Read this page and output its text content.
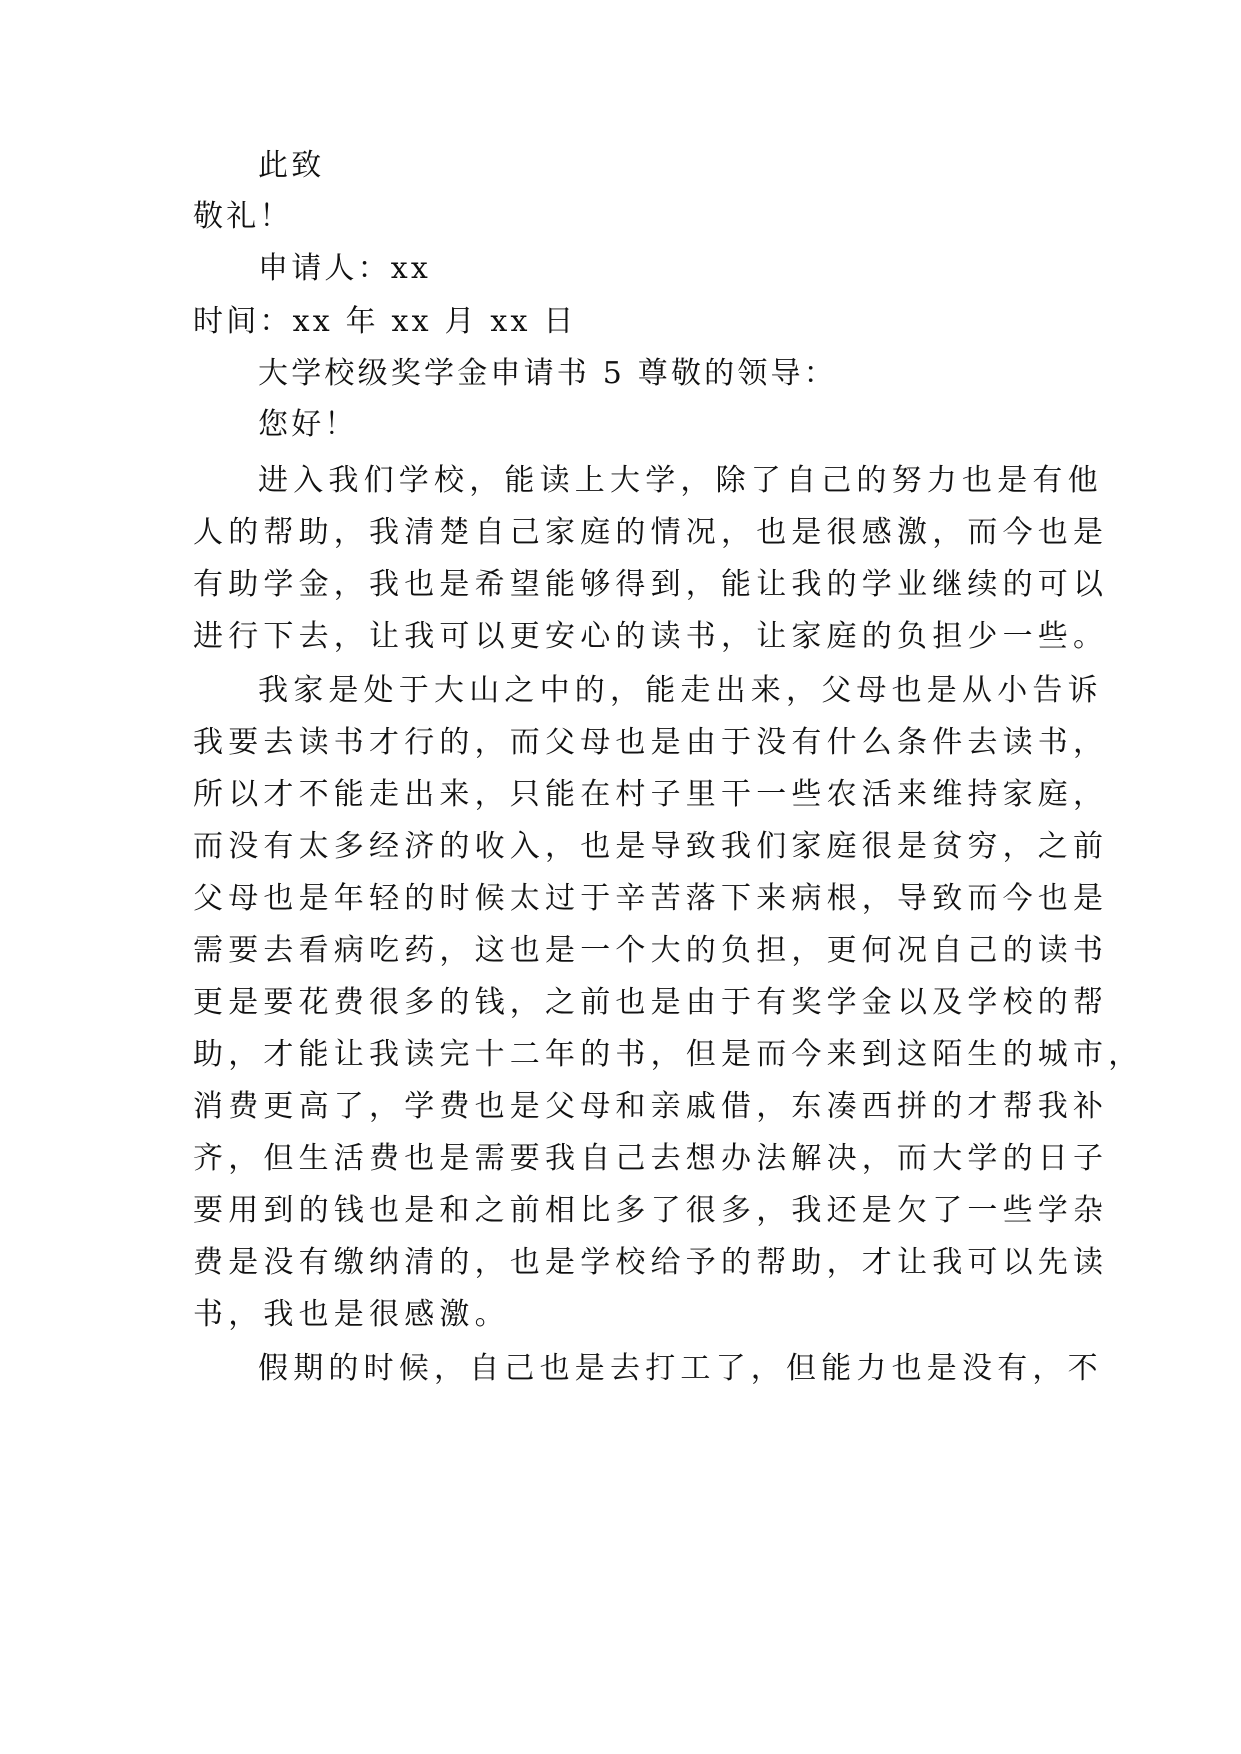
此致
敬礼！
申请人：xx
时间：xx 年 xx 月 xx 日
大学校级奖学金申请书 5 尊敬的领导：
您好！
进入我们学校，能读上大学，除了自己的努力也是有他
人的帮助，我清楚自己家庭的情况，也是很感激，而今也是
有助学金，我也是希望能够得到，能让我的学业继续的可以
进行下去，让我可以更安心的读书，让家庭的负担少一些。
我家是处于大山之中的，能走出来，父母也是从小告诉
我要去读书才行的，而父母也是由于没有什么条件去读书，
所以才不能走出来，只能在村子里干一些农活来维持家庭，
而没有太多经济的收入，也是导致我们家庭很是贫穷，之前
父母也是年轻的时候太过于辛苦落下来病根，导致而今也是
需要去看病吃药，这也是一个大的负担，更何况自己的读书
更是要花费很多的钱，之前也是由于有奖学金以及学校的帮
助，才能让我读完十二年的书，但是而今来到这陌生的城市，
消费更高了，学费也是父母和亲戚借，东凑西拼的才帮我补
齐，但生活费也是需要我自己去想办法解决，而大学的日子
要用到的钱也是和之前相比多了很多，我还是欠了一些学杂
费是没有缴纳清的，也是学校给予的帮助，才让我可以先读
书，我也是很感激。
假期的时候，自己也是去打工了，但能力也是没有，不
